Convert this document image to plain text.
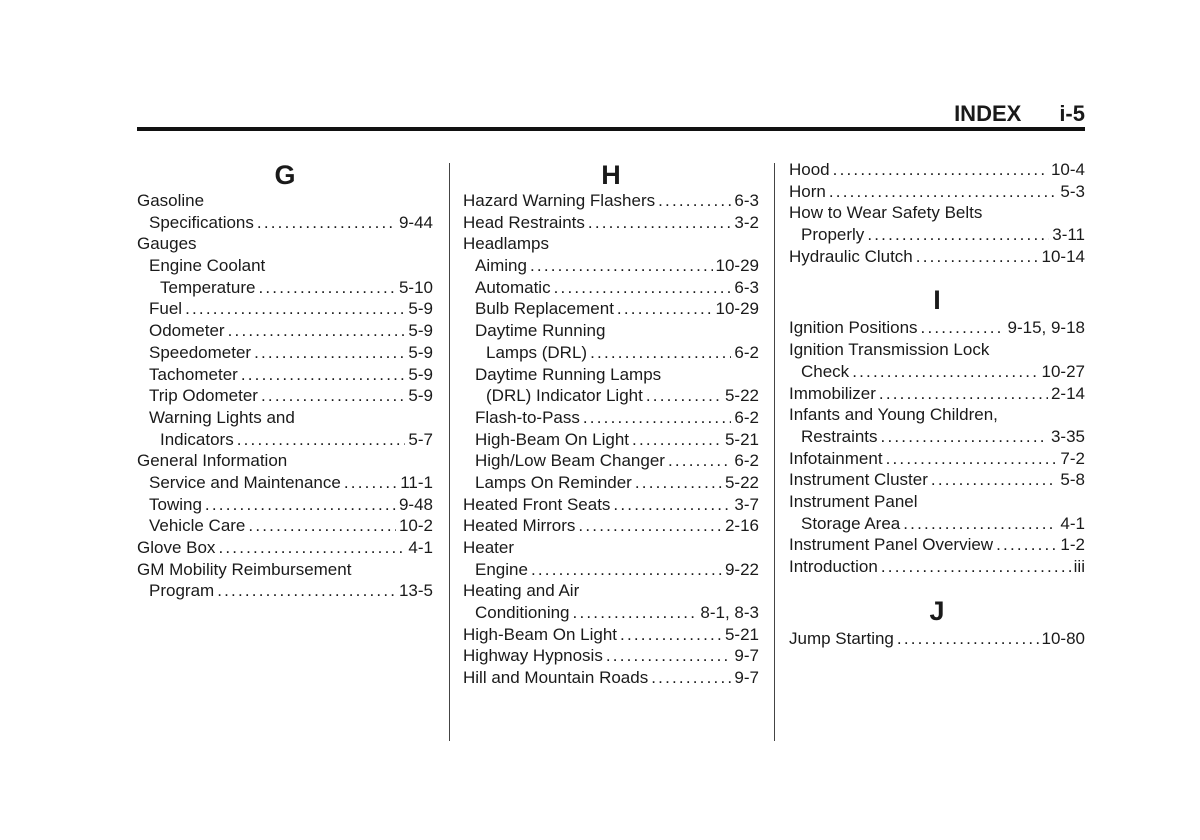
INDEX i-5
G
Gasoline
Specifications .....	9-44
Gauges
Engine Coolant
Temperature .....	5-10
Fuel .....	5-9
Odometer .....	5-9
Speedometer .....	5-9
Tachometer .....	5-9
Trip Odometer .....	5-9
Warning Lights and
Indicators .....	5-7
General Information
Service and Maintenance .....	11-1
Towing .....	9-48
Vehicle Care .....	10-2
Glove Box .....	4-1
GM Mobility Reimbursement
Program .....	13-5
H
Hazard Warning Flashers .....	6-3
Head Restraints .....	3-2
Headlamps
Aiming .....	10-29
Automatic .....	6-3
Bulb Replacement .....	10-29
Daytime Running
Lamps (DRL) .....	6-2
Daytime Running Lamps
(DRL) Indicator Light .....	5-22
Flash-to-Pass .....	6-2
High-Beam On Light .....	5-21
High/Low Beam Changer .....	6-2
Lamps On Reminder .....	5-22
Heated Front Seats .....	3-7
Heated Mirrors .....	2-16
Heater
Engine .....	9-22
Heating and Air
Conditioning .....	8-1, 8-3
High-Beam On Light .....	5-21
Highway Hypnosis .....	9-7
Hill and Mountain Roads .....	9-7
Hood .....	10-4
Horn .....	5-3
How to Wear Safety Belts
Properly .....	3-11
Hydraulic Clutch .....	10-14
I
Ignition Positions .....	9-15, 9-18
Ignition Transmission Lock
Check .....	10-27
Immobilizer .....	2-14
Infants and Young Children,
Restraints .....	3-35
Infotainment .....	7-2
Instrument Cluster .....	5-8
Instrument Panel
Storage Area .....	4-1
Instrument Panel Overview .....	1-2
Introduction .....	iii
J
Jump Starting .....	10-80
